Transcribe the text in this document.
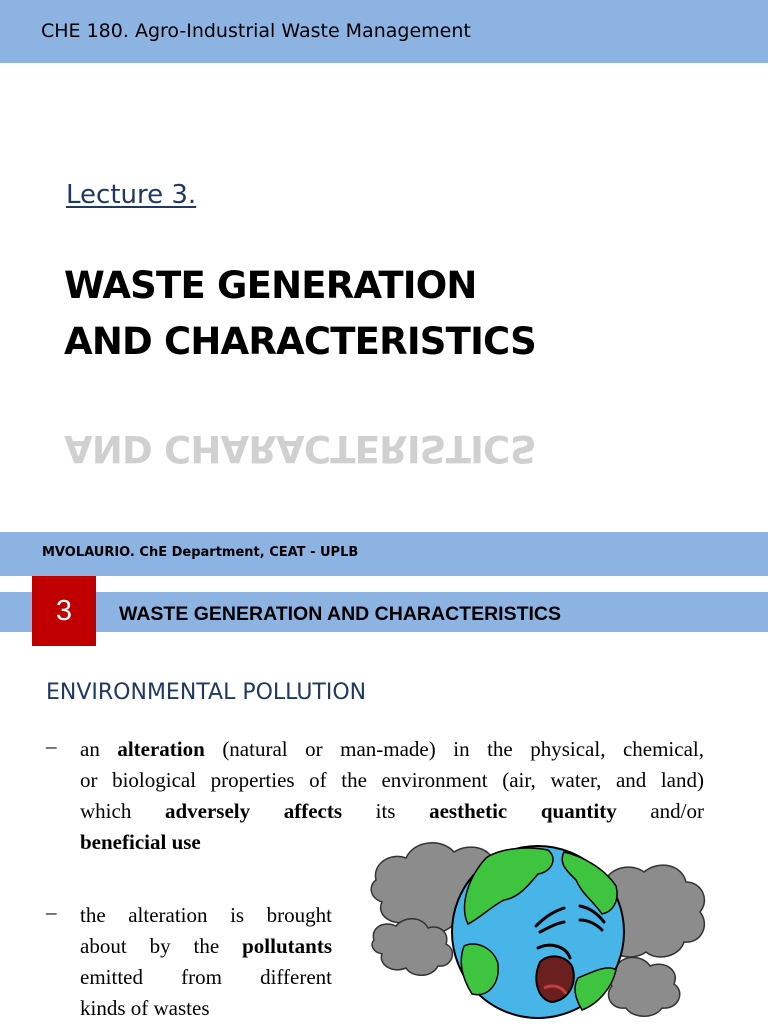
CHE 180. Agro-Industrial Waste Management
Lecture 3.
WASTE GENERATION
AND CHARACTERISTICS
MVOLAURIO. ChE Department, CEAT - UPLB
AND CHARACTERISTICS
WASTE GENERATION AND CHARACTERISTICS
3
ENVIRONMENTAL POLLUTION
– an alteration (natural or man-made) in the physical, chemical,
or biological properties of the environment (air, water, and land)
which adversely affects its aesthetic quantity and/or
beneficial use
– the alteration is brought
about by the pollutants
emitted from different
kinds of wastes
